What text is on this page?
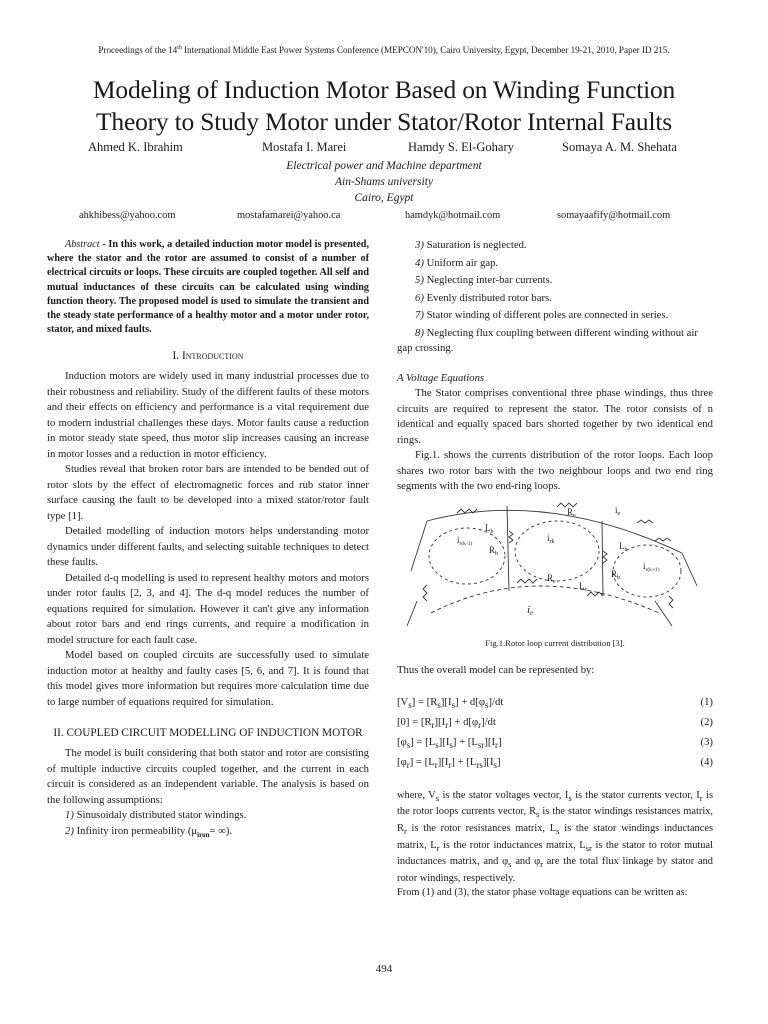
Proceedings of the 14th International Middle East Power Systems Conference (MEPCON'10), Cairo University, Egypt, December 19-21, 2010, Paper ID 215.
Modeling of Induction Motor Based on Winding Function
Theory to Study Motor under Stator/Rotor Internal Faults
Ahmed K. Ibrahim	Mostafa I. Marei	Hamdy S. El-Gohary	Somaya A. M. Shehata
Electrical power and Machine department
Ain-Shams university
Cairo, Egypt
ahkhibess@yahoo.com	mostafamarei@yahoo.ca	hamdyk@hotmail.com	somayaafify@hotmail.com

Abstract - In this work, a detailed induction motor model is presented, where the stator and the rotor are assumed to consist of a number of electrical circuits or loops. These circuits are coupled together. All self and mutual inductances of these circuits can be calculated using winding function theory. The proposed model is used to simulate the transient and the steady state performance of a healthy motor and a motor under rotor, stator, and mixed faults.

I. Introduction

Induction motors are widely used in many industrial processes due to their robustness and reliability. Study of the different faults of these motors and their effects on efficiency and performance is a vital requirement due to modern industrial challenges these days. Motor faults cause a reduction in motor steady state speed, thus motor slip increases causing an increase in motor losses and a reduction in motor efficiency.

Studies reveal that broken rotor bars are intended to be bended out of rotor slots by the effect of electromagnetic forces and rub stator inner surface causing the fault to be developed into a mixed stator/rotor fault type [1].

Detailed modelling of induction motors helps understanding motor dynamics under different faults, and selecting suitable techniques to detect these faults.

Detailed d-q modelling is used to represent healthy motors and motors under rotor faults [2, 3, and 4]. The d-q model reduces the number of equations required for simulation. However it can't give any information about rotor bars and end rings currents, and require a modification in model structure for each fault case.

Model based on coupled circuits are successfully used to simulate induction motor at healthy and faulty cases [5, 6, and 7]. It is found that this model gives more information but requires more calculation time due to large number of equations required for simulation.

II. COUPLED CIRCUIT MODELLING OF INDUCTION MOTOR

The model is built considering that both stator and rotor are consisting of multiple inductive circuits coupled together, and the current in each circuit is considered as an independent variable. The analysis is based on the following assumptions:

1) Sinusoidaly distributed stator windings.

2) Infinity iron permeability ($\mu_{iron}=$ ∞).

3) Saturation is neglected.

4) Uniform air gap.

5) Neglecting inter-bar currents.

6) Evenly distributed rotor bars.

7) Stator winding of different poles are connected in series.

8) Neglecting flux coupling between different winding without air gap crossing.

A Voltage Equations

The Stator comprises conventional three phase windings, thus three circuits are required to represent the stator. The rotor consists of n identical and equally spaced bars shorted together by two identical end rings.

Fig.1. shows the currents distribution of the rotor loops. Each loop shares two rotor bars with the two neighbour loops and two end ring segments with the two end-ring loops.

$R_e$
$i_e$
$L_b$
$i_{r(k-1)}$
$R_b$
$i_{rk}$	$L_b$
$i_{r(k+1)}$
$R_b$
$R_e$	$L_e$
ie
Fig.1.Rotor loop current distribution [3].

Thus the overall model can be represented by:

$[V_s] = [R_s][I_s] + d[\varphi_s]/dt$	(1)
$[0] = [R_r][I_r] + d[\varphi_r]/dt$	(2)
$[\varphi_s] = [L_s][I_s] + [L_{sr}][I_r]$	(3)
$[\varphi_r] = [L_r][I_r] + [L_{rs}][I_s]$	(4)

where, $V_s$ is the stator voltages vector, $I_s$ is the stator currents vector, $I_r$ is the rotor loops currents vector, $R_s$ is the stator windings resistances matrix, $R_r$ is the rotor resistances matrix, $L_s$ is the stator windings inductances matrix, $L_r$ is the rotor inductances matrix, $L_{sr}$ is the stator to rotor mutual inductances matrix, and $\varphi_s$ and $\varphi_r$ are the total flux linkage by stator and rotor windings, respectively.

From (1) and (3), the stator phase voltage equations can be written as:

494
